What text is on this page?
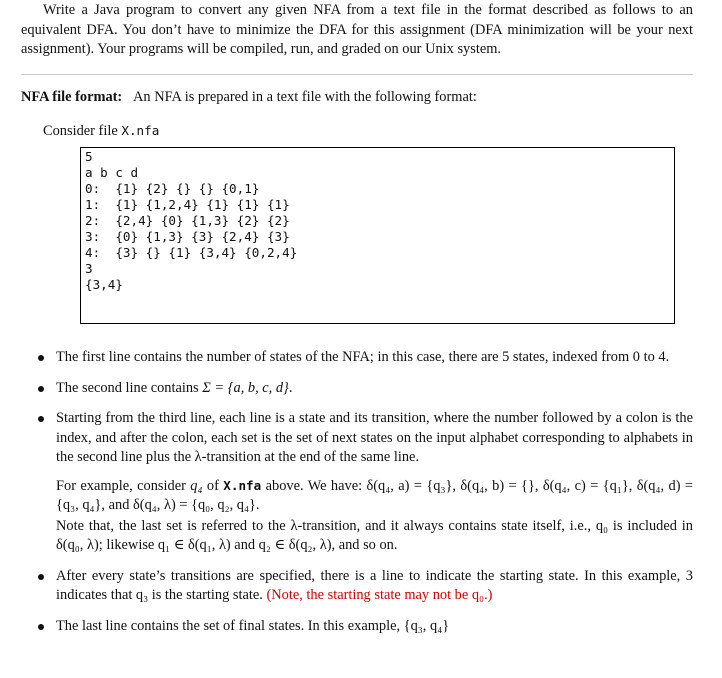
Write a Java program to convert any given NFA from a text file in the format described as follows to an equivalent DFA. You don’t have to minimize the DFA for this assignment (DFA minimization will be your next assignment). Your programs will be compiled, run, and graded on our Unix system.
NFA file format: An NFA is prepared in a text file with the following format:
Consider file X.nfa
5
a b c d
0:  {1} {2} {} {} {0,1}
1:  {1} {1,2,4} {1} {1} {1}
2:  {2,4} {0} {1,3} {2} {2}
3:  {0} {1,3} {3} {2,4} {3}
4:  {3} {} {1} {3,4} {0,2,4}
3
{3,4}
The first line contains the number of states of the NFA; in this case, there are 5 states, indexed from 0 to 4.
The second line contains Σ = {a, b, c, d}.
Starting from the third line, each line is a state and its transition, where the number followed by a colon is the index, and after the colon, each set is the set of next states on the input alphabet corresponding to alphabets in the second line plus the λ-transition at the end of the same line.
For example, consider q₄ of X.nfa above. We have: δ(q₄, a) = {q₃}, δ(q₄, b) = {}, δ(q₄, c) = {q₁}, δ(q₄, d) = {q₃, q₄}, and δ(q₄, λ) = {q₀, q₂, q₄}.
Note that, the last set is referred to the λ-transition, and it always contains state itself, i.e., q₀ is included in δ(q₀, λ); likewise q₁ ∈ δ(q₁, λ) and q₂ ∈ δ(q₂, λ), and so on.
After every state’s transitions are specified, there is a line to indicate the starting state. In this example, 3 indicates that q₃ is the starting state. (Note, the starting state may not be q₀.)
The last line contains the set of final states. In this example, {q₃, q₄}
